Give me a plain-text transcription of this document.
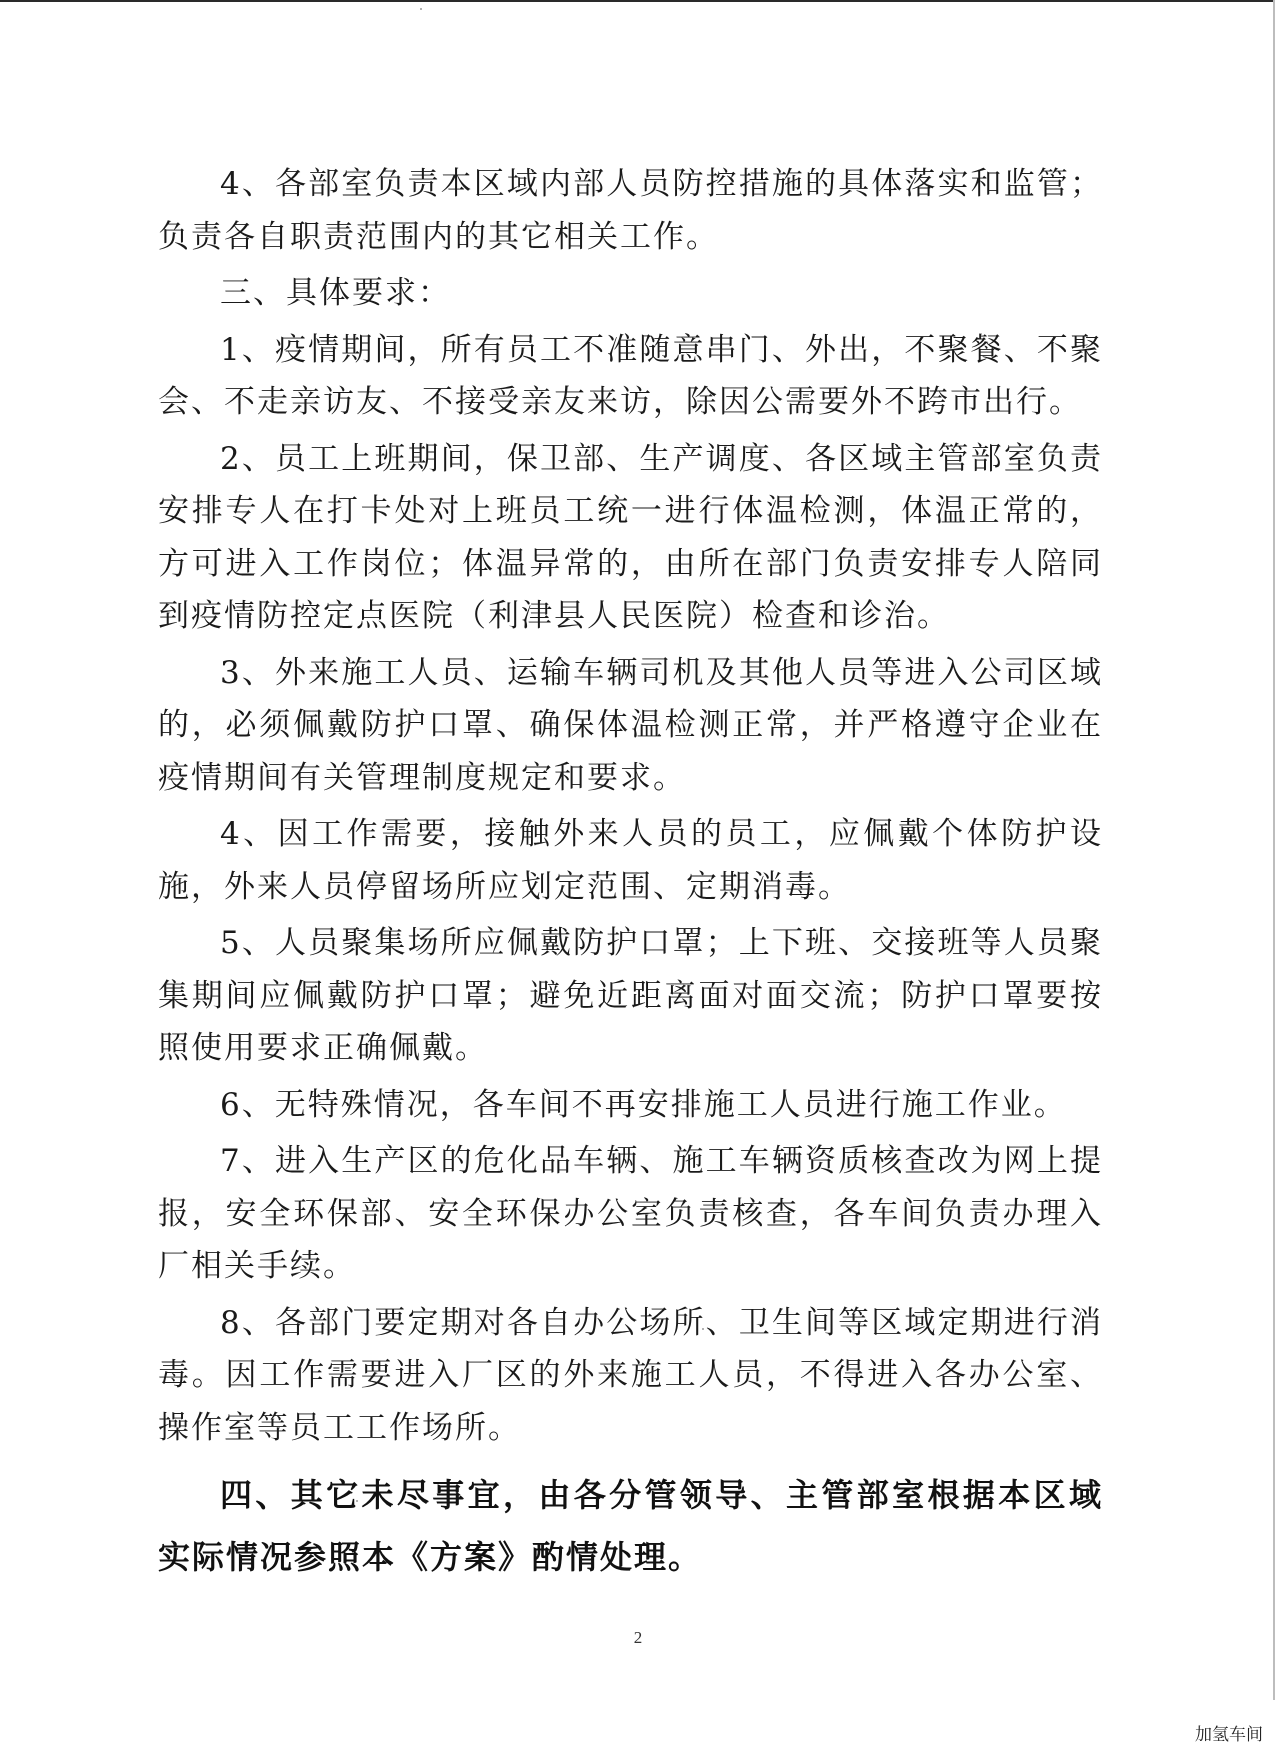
4、各部室负责本区域内部人员防控措施的具体落实和监管；负责各自职责范围内的其它相关工作。

三、具体要求：

1、疫情期间，所有员工不准随意串门、外出，不聚餐、不聚会、不走亲访友、不接受亲友来访，除因公需要外不跨市出行。

2、员工上班期间，保卫部、生产调度、各区域主管部室负责安排专人在打卡处对上班员工统一进行体温检测，体温正常的，方可进入工作岗位；体温异常的，由所在部门负责安排专人陪同到疫情防控定点医院（利津县人民医院）检查和诊治。

3、外来施工人员、运输车辆司机及其他人员等进入公司区域的，必须佩戴防护口罩、确保体温检测正常，并严格遵守企业在疫情期间有关管理制度规定和要求。

4、因工作需要，接触外来人员的员工，应佩戴个体防护设施，外来人员停留场所应划定范围、定期消毒。

5、人员聚集场所应佩戴防护口罩；上下班、交接班等人员聚集期间应佩戴防护口罩；避免近距离面对面交流；防护口罩要按照使用要求正确佩戴。

6、无特殊情况，各车间不再安排施工人员进行施工作业。

7、进入生产区的危化品车辆、施工车辆资质核查改为网上提报，安全环保部、安全环保办公室负责核查，各车间负责办理入厂相关手续。

8、各部门要定期对各自办公场所、卫生间等区域定期进行消毒。因工作需要进入厂区的外来施工人员，不得进入各办公室、操作室等员工工作场所。

四、其它未尽事宜，由各分管领导、主管部室根据本区域实际情况参照本《方案》酌情处理。

2
加氢车间
